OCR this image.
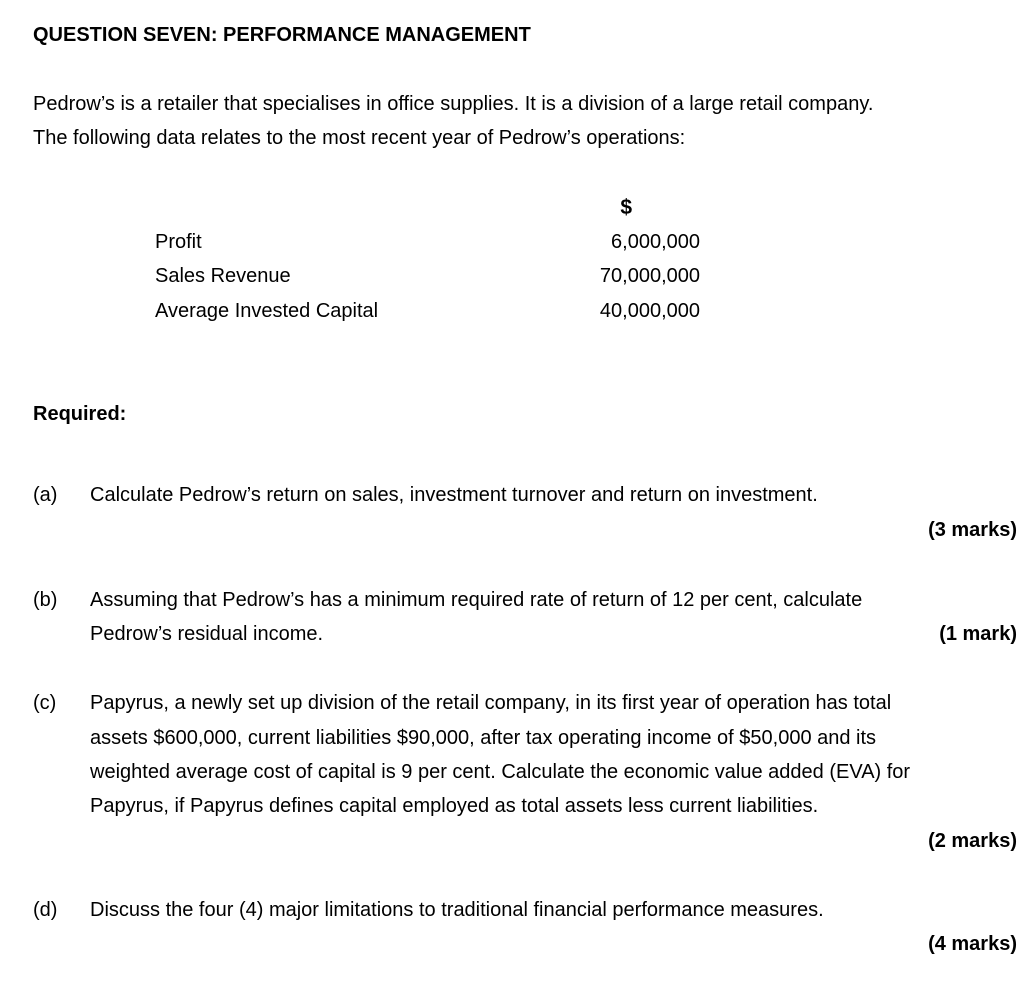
QUESTION SEVEN: PERFORMANCE MANAGEMENT
Pedrow’s is a retailer that specialises in office supplies. It is a division of a large retail company.
The following data relates to the most recent year of Pedrow’s operations:
$
Profit	6,000,000
Sales Revenue	70,000,000
Average Invested Capital	40,000,000
Required:
(a) Calculate Pedrow’s return on sales, investment turnover and return on investment.
(3 marks)
(b) Assuming that Pedrow’s has a minimum required rate of return of 12 per cent, calculate
Pedrow’s residual income.	(1 mark)
(c) Papyrus, a newly set up division of the retail company, in its first year of operation has total
assets $600,000, current liabilities $90,000, after tax operating income of $50,000 and its
weighted average cost of capital is 9 per cent. Calculate the economic value added (EVA) for
Papyrus, if Papyrus defines capital employed as total assets less current liabilities.
(2 marks)
(d) Discuss the four (4) major limitations to traditional financial performance measures.
(4 marks)
